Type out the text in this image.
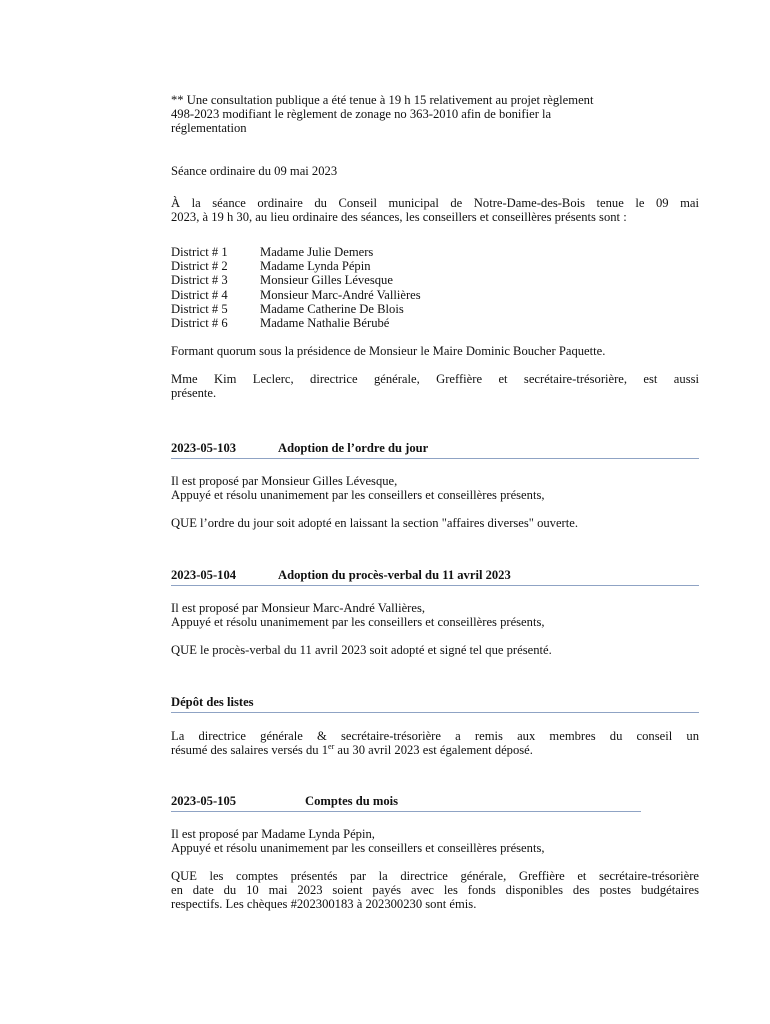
** Une consultation publique a été tenue à 19 h 15 relativement au projet règlement

498-2023 modifiant le règlement de zonage no 363-2010 afin de bonifier la

réglementation

Séance ordinaire du 09 mai 2023

À la séance ordinaire du Conseil municipal de Notre-Dame-des-Bois tenue le 09 mai

2023, à 19 h 30, au lieu ordinaire des séances, les conseillers et conseillères présents sont :

District # 1	Madame Julie Demers
District # 2	Madame Lynda Pépin
District # 3	Monsieur Gilles Lévesque
District # 4	Monsieur Marc-André Vallières
District # 5	Madame Catherine De Blois
District # 6	Madame Nathalie Bérubé

Formant quorum sous la présidence de Monsieur le Maire Dominic Boucher Paquette.

Mme Kim Leclerc, directrice générale, Greffière et secrétaire-trésorière, est aussi

présente.

2023-05-103	Adoption de l’ordre du jour

Il est proposé par Monsieur Gilles Lévesque,

Appuyé et résolu unanimement par les conseillers et conseillères présents,

QUE l’ordre du jour soit adopté en laissant la section "affaires diverses" ouverte.

2023-05-104	Adoption du procès-verbal du 11 avril 2023

Il est proposé par Monsieur Marc-André Vallières,

Appuyé et résolu unanimement par les conseillers et conseillères présents,

QUE le procès-verbal du 11 avril 2023 soit adopté et signé tel que présenté.

Dépôt des listes

La directrice générale & secrétaire-trésorière a remis aux membres du conseil un

résumé des salaires versés du 1er au 30 avril 2023 est également déposé.

2023-05-105	Comptes du mois

Il est proposé par Madame Lynda Pépin,

Appuyé et résolu unanimement par les conseillers et conseillères présents,

QUE les comptes présentés par la directrice générale, Greffière et secrétaire-trésorière

en date du 10 mai 2023 soient payés avec les fonds disponibles des postes budgétaires

respectifs. Les chèques #202300183 à 202300230 sont émis.
